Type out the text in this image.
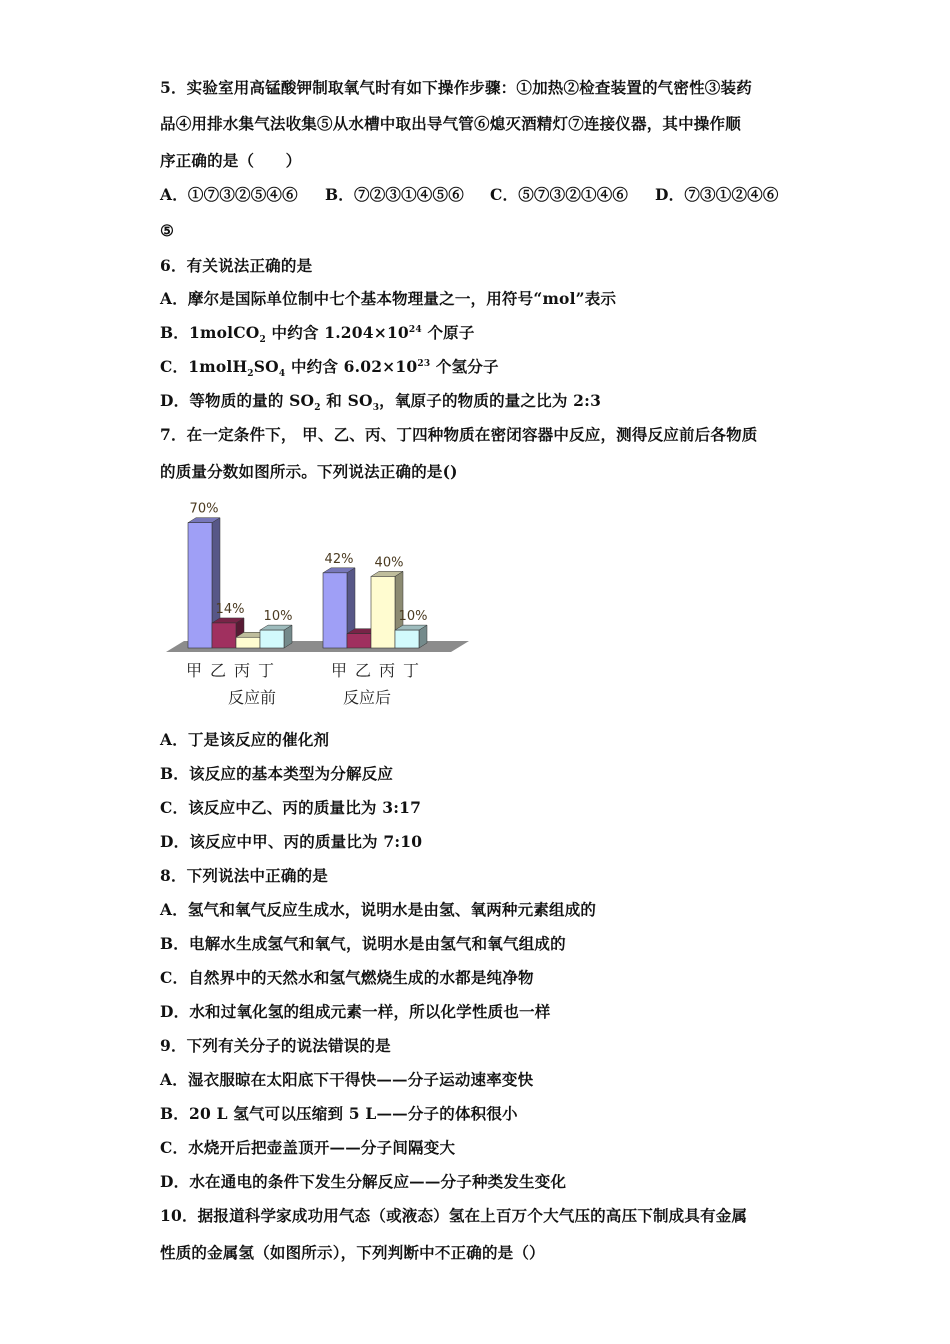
5．实验室用高锰酸钾制取氧气时有如下操作步骤：①加热②检查装置的气密性③装药
品④用排水集气法收集⑤从水槽中取出导气管⑥熄灭酒精灯⑦连接仪器，其中操作顺
序正确的是（　　）
A．①⑦③②⑤④⑥ B．⑦②③①④⑤⑥ C．⑤⑦③②①④⑥ D．⑦③①②④⑥
⑤
6．有关说法正确的是
A．摩尔是国际单位制中七个基本物理量之一，用符号“mol”表示
B．1molCO$_2$ 中约含 $1.204\times 10^{24}$ 个原子
C．$1molH_2SO_4$ 中约含 $6.02\times 10^{23}$ 个氢分子
D．等物质的量的 $SO_2$ 和 $SO_3$，氧原子的物质的量之比为 2:3
7．在一定条件下， 甲、乙、丙、丁四种物质在密闭容器中反应，测得反应前后各物质
的质量分数如图所示。下列说法正确的是()
70%
甲
14%
乙 丙
10%
丁
反应前
42%
甲 乙
40%
丙
10%
丁
反应后
A．丁是该反应的催化剂
B．该反应的基本类型为分解反应
C．该反应中乙、丙的质量比为 3:17
D．该反应中甲、丙的质量比为 7:10
8．下列说法中正确的是
A．氢气和氧气反应生成水，说明水是由氢、氧两种元素组成的
B．电解水生成氢气和氧气，说明水是由氢气和氧气组成的
C．自然界中的天然水和氢气燃烧生成的水都是纯净物
D．水和过氧化氢的组成元素一样，所以化学性质也一样
9．下列有关分子的说法错误的是
A．湿衣服晾在太阳底下干得快——分子运动速率变快
B．20 L 氢气可以压缩到 5 L——分子的体积很小
C．水烧开后把壶盖顶开——分子间隔变大
D．水在通电的条件下发生分解反应——分子种类发生变化
10．据报道科学家成功用气态（或液态）氢在上百万个大气压的高压下制成具有金属
性质的金属氢（如图所示），下列判断中不正确的是（）
